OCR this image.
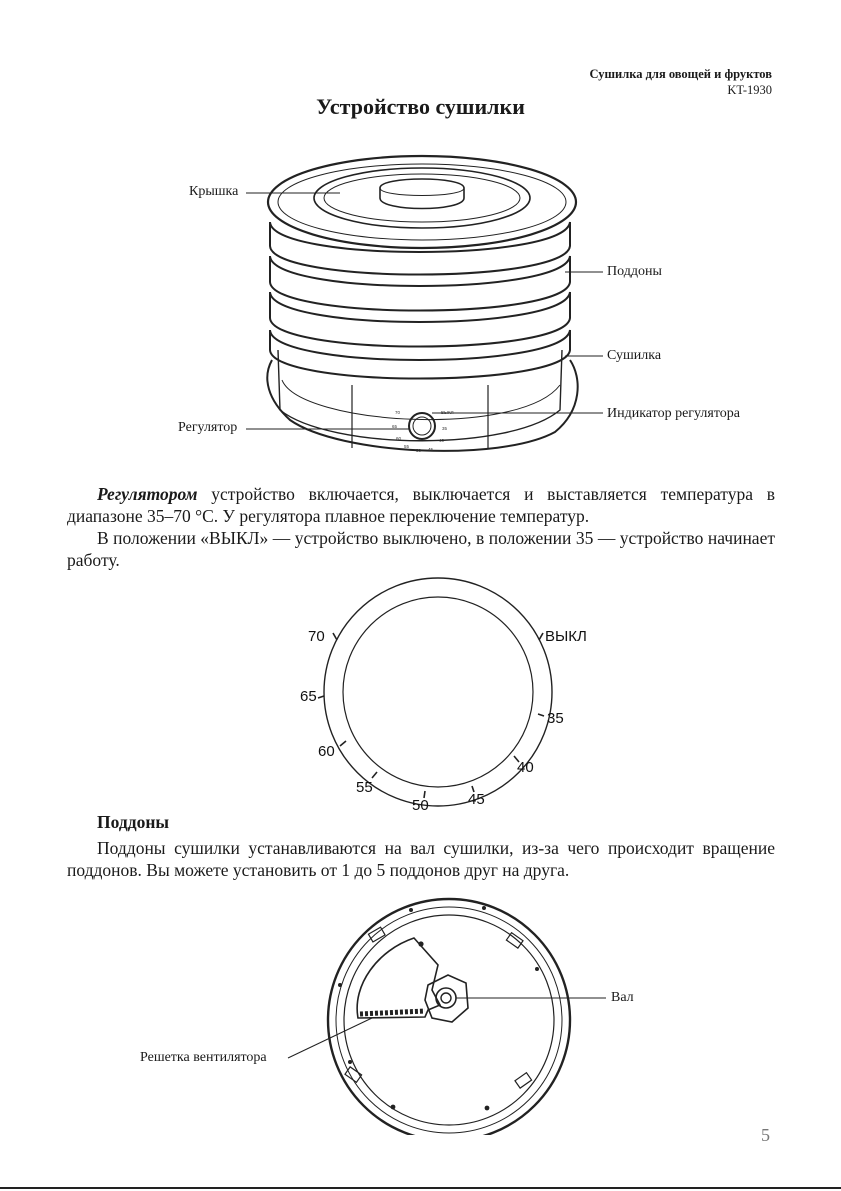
Сушилка для овощей и фруктов
KT-1930
Устройство сушилки
70	ВЫКЛ
65	35
60	40
55
45
50
Крышка
Поддоны
Сушилка
Регулятор
Индикатор регулятора

Регулятором устройство включается, выключается и выставляется температура в диапазоне 35–70 °C. У регулятора плавное переключение температур.

В положении «ВЫКЛ» — устройство выключено, в положении 35 — устройство начинает работу.

70	ВЫКЛ
65
35
60
40
55
45
50
Поддоны

Поддоны сушилки устанавливаются на вал сушилки, из-за чего происходит вращение поддонов. Вы можете установить от 1 до 5 поддонов друг на друга.

Вал
Решетка вентилятора
5
